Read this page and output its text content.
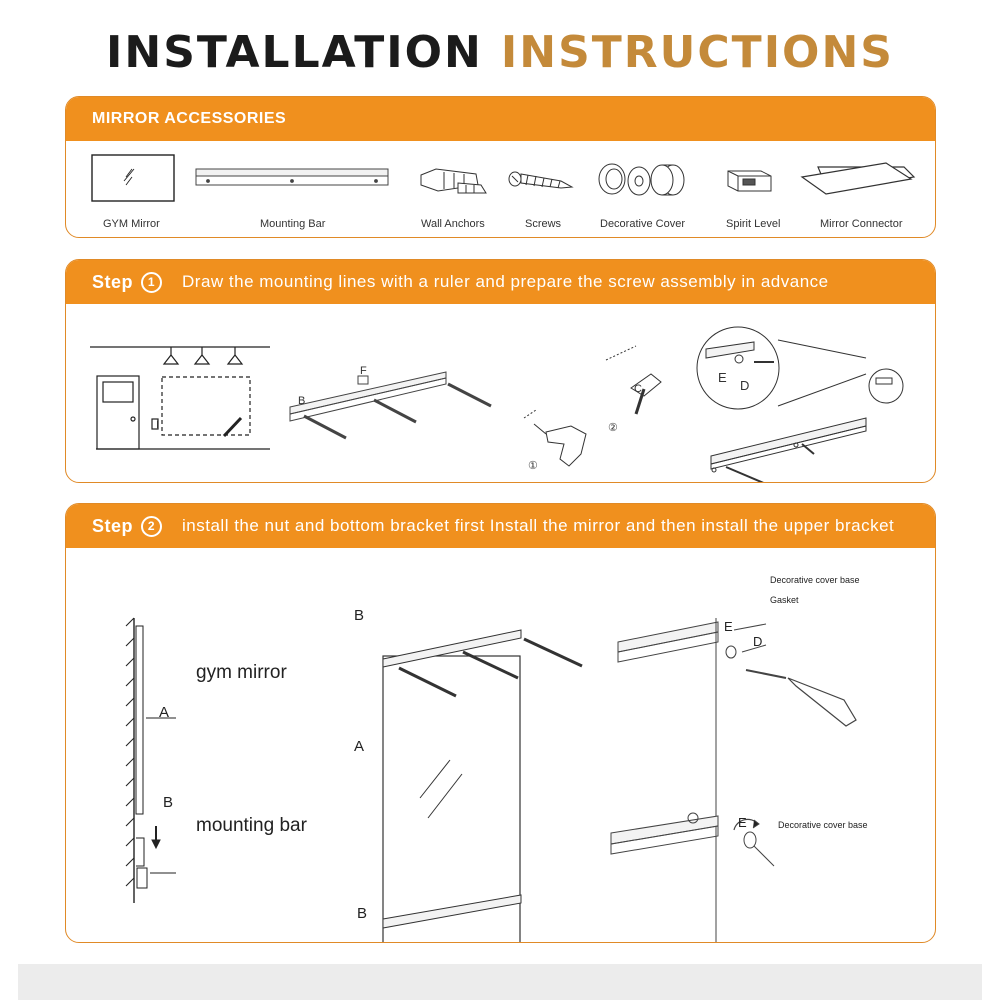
INSTALLATION INSTRUCTIONS
MIRROR ACCESSORIES
GYM Mirror	Mounting Bar	Wall Anchors	Screws	Decorative Cover	Spirit Level	Mirror Connector
Step	1	Draw the mounting lines with a ruler and prepare the screw assembly in advance
I
B
F
①
②
C
E
D
Step	2	install the nut and bottom bracket first Install the mirror and then install the upper bracket
gym mirror
A
B
mounting bar
B
A
B
Decorative cover base
Gasket
E
D
E	Decorative cover base
